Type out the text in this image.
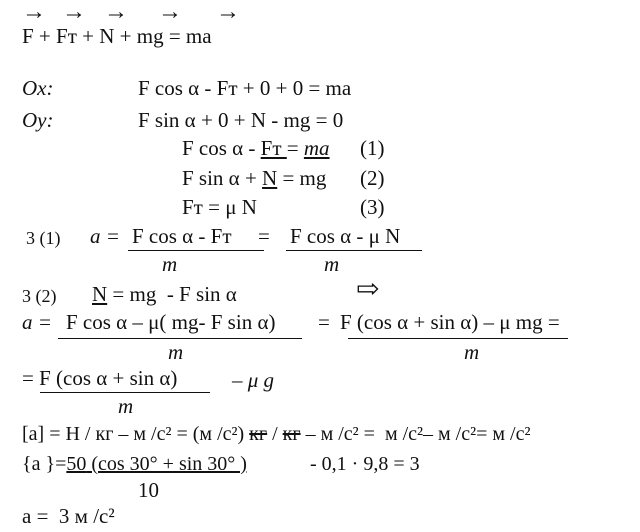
→ → → → →
F + Fт + N + mg = ma
Ox:	F cos α - Fт + 0 + 0 = ma
Oy:	F sin α + 0 + N - mg = 0
F cos α - Fт = ma (1)
F sin α + N = mg (2)
Fт = μ N	(3)
3 (1) a = F cos α - Fт = F cos α - μ N
m	m
3 (2) N = mg  - F sin α	⇨
a = F cos α – μ( mg- F sin α) = F (cos α + sin α) – μ mg =
m	m
= F (cos α + sin α)	– μ g
m
[a] = Н / кг – м /с² = (м /с²) кг / кг – м /с² =  м /с²– м /с²= м /с²
{a }=50 (cos 30° + sin 30° )	- 0,1 · 9,8 = 3
10
a =  3 м /с²
